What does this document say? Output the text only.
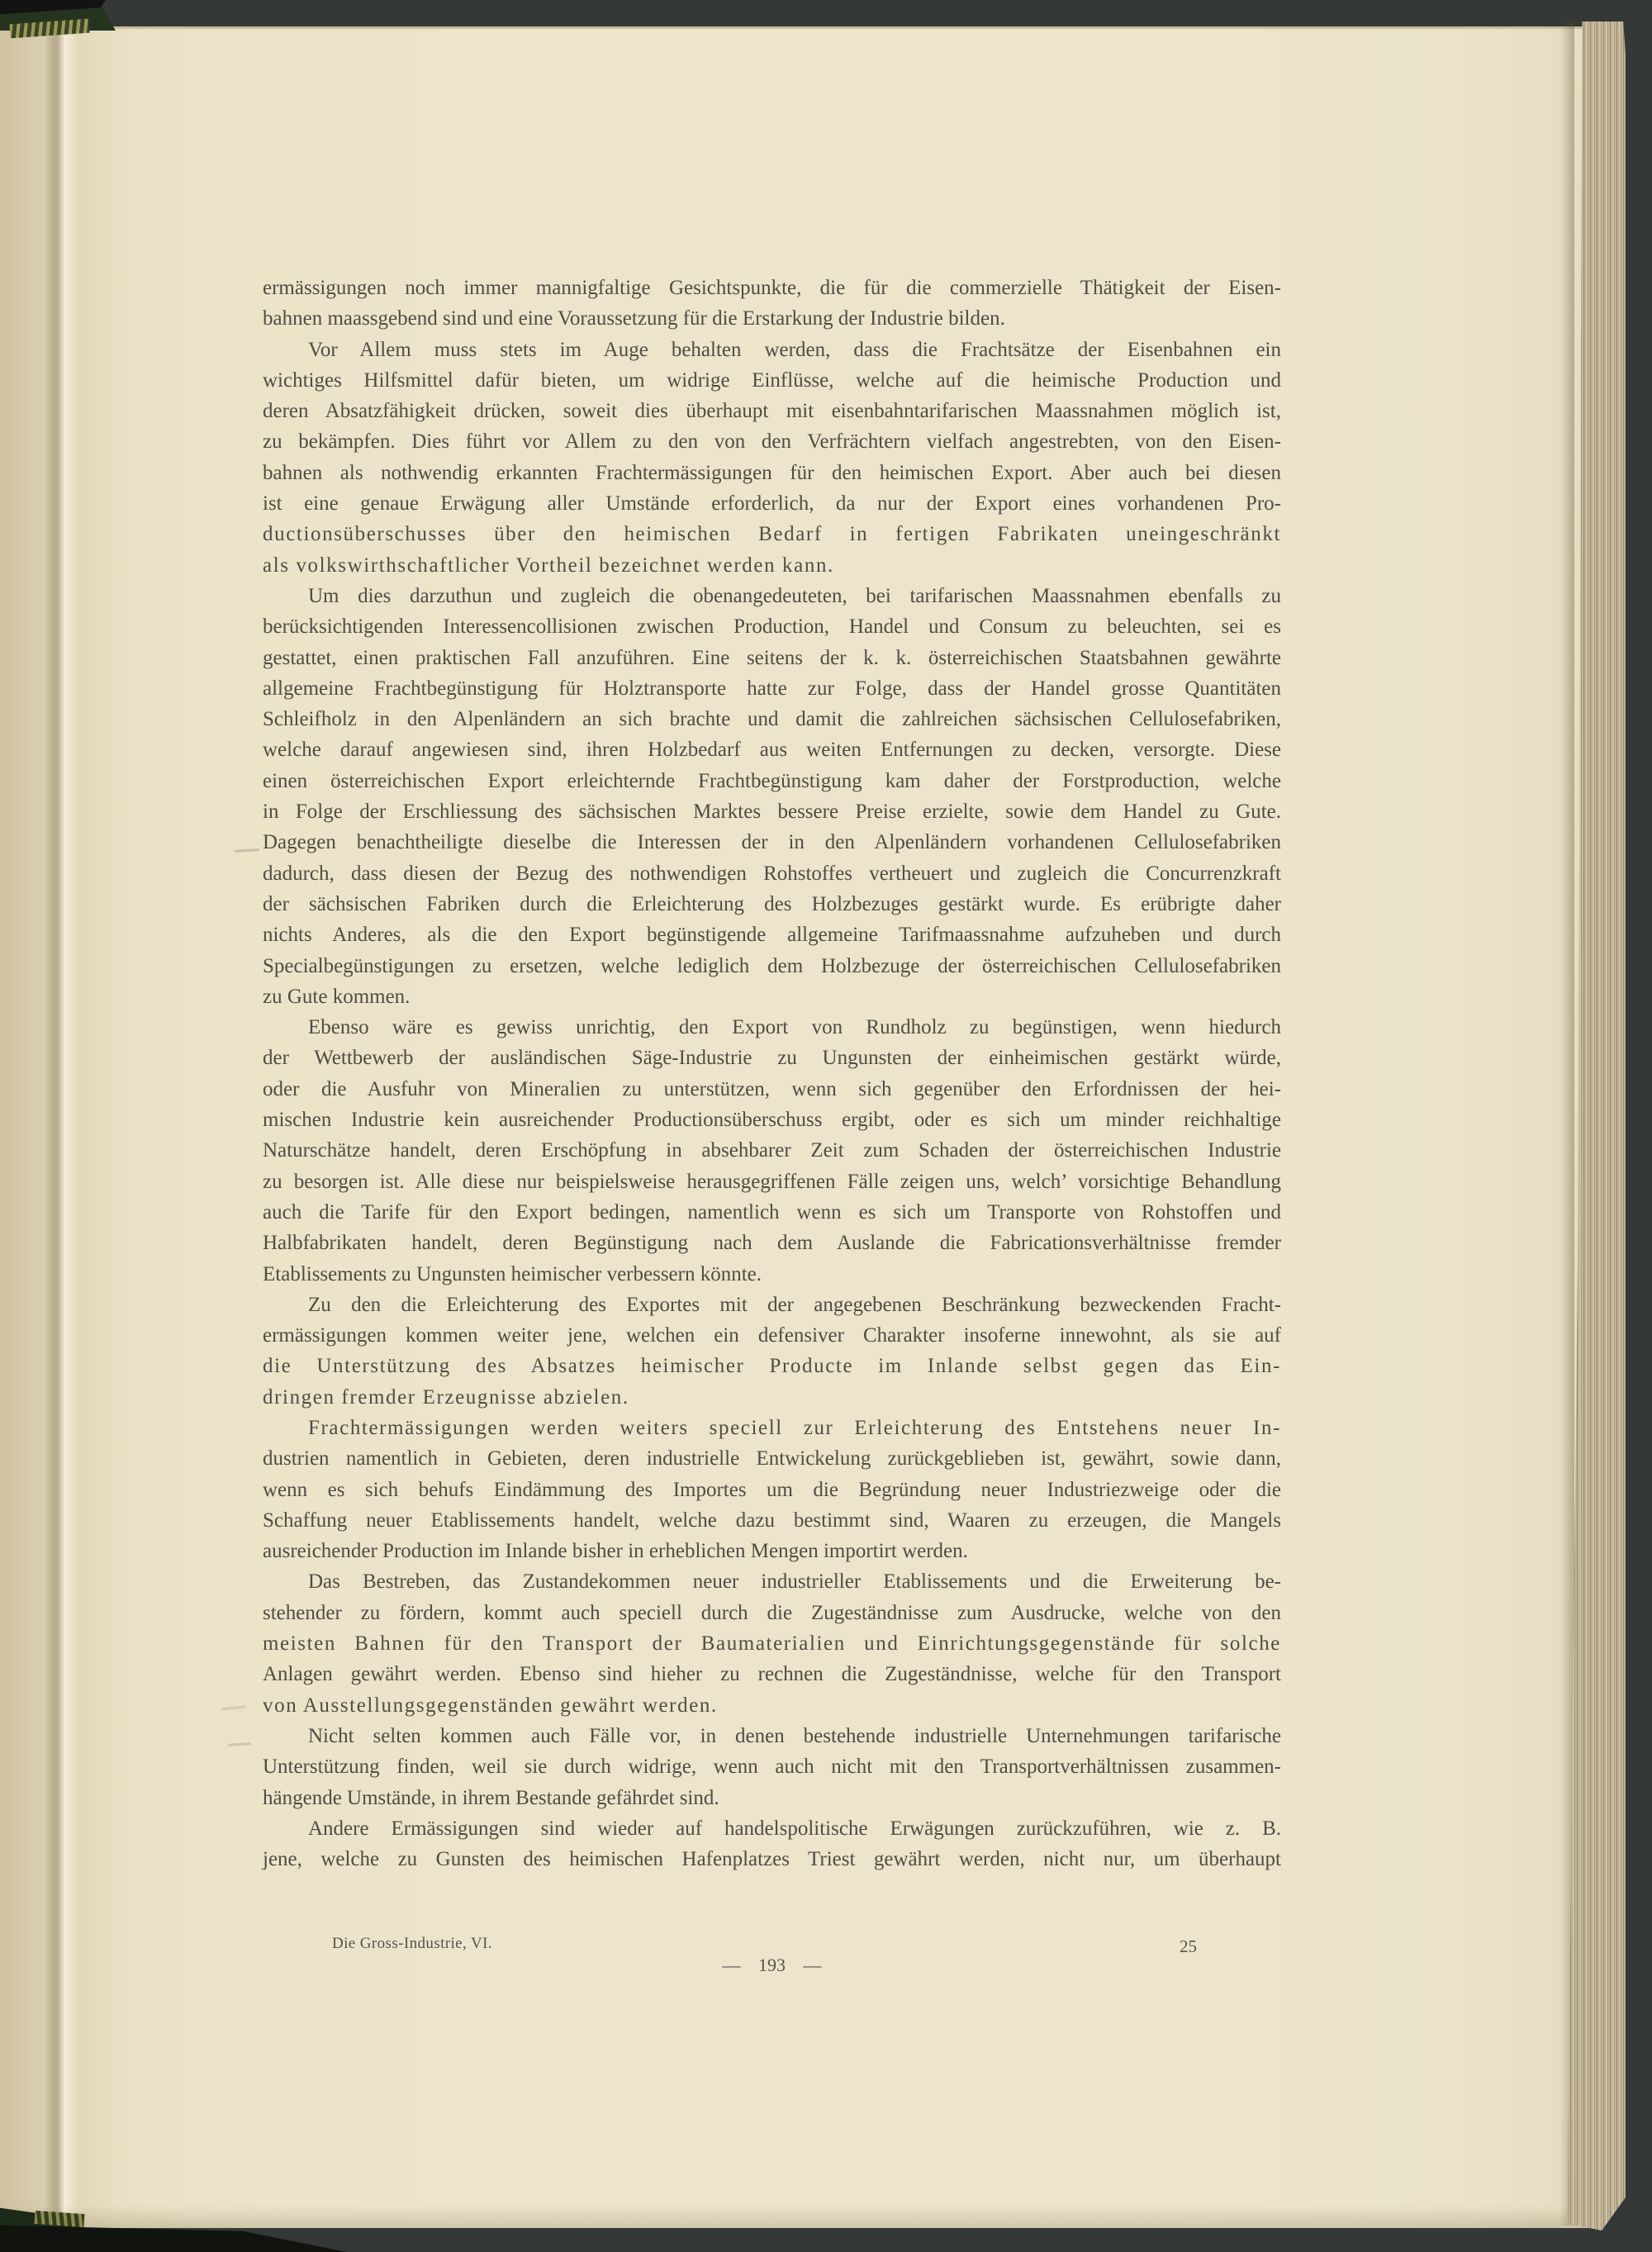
ermässigungen noch immer mannigfaltige Gesichtspunkte, die für die commerzielle Thätigkeit der Eisen-
bahnen maassgebend sind und eine Voraussetzung für die Erstarkung der Industrie bilden.
Vor Allem muss stets im Auge behalten werden, dass die Frachtsätze der Eisenbahnen ein
wichtiges Hilfsmittel dafür bieten, um widrige Einflüsse, welche auf die heimische Production und
deren Absatzfähigkeit drücken, soweit dies überhaupt mit eisenbahntarifarischen Maassnahmen möglich ist,
zu bekämpfen. Dies führt vor Allem zu den von den Verfrächtern vielfach angestrebten, von den Eisen-
bahnen als nothwendig erkannten Frachtermässigungen für den heimischen Export. Aber auch bei diesen
ist eine genaue Erwägung aller Umstände erforderlich, da nur der Export eines vorhandenen Pro-
ductionsüberschusses über den heimischen Bedarf in fertigen Fabrikaten uneingeschränkt
als volkswirthschaftlicher Vortheil bezeichnet werden kann.
Um dies darzuthun und zugleich die obenangedeuteten, bei tarifarischen Maassnahmen ebenfalls zu
berücksichtigenden Interessencollisionen zwischen Production, Handel und Consum zu beleuchten, sei es
gestattet, einen praktischen Fall anzuführen. Eine seitens der k. k. österreichischen Staatsbahnen gewährte
allgemeine Frachtbegünstigung für Holztransporte hatte zur Folge, dass der Handel grosse Quantitäten
Schleifholz in den Alpenländern an sich brachte und damit die zahlreichen sächsischen Cellulosefabriken,
welche darauf angewiesen sind, ihren Holzbedarf aus weiten Entfernungen zu decken, versorgte. Diese
einen österreichischen Export erleichternde Frachtbegünstigung kam daher der Forstproduction, welche
in Folge der Erschliessung des sächsischen Marktes bessere Preise erzielte, sowie dem Handel zu Gute.
Dagegen benachtheiligte dieselbe die Interessen der in den Alpenländern vorhandenen Cellulosefabriken
dadurch, dass diesen der Bezug des nothwendigen Rohstoffes vertheuert und zugleich die Concurrenzkraft
der sächsischen Fabriken durch die Erleichterung des Holzbezuges gestärkt wurde. Es erübrigte daher
nichts Anderes, als die den Export begünstigende allgemeine Tarifmaassnahme aufzuheben und durch
Specialbegünstigungen zu ersetzen, welche lediglich dem Holzbezuge der österreichischen Cellulosefabriken
zu Gute kommen.
Ebenso wäre es gewiss unrichtig, den Export von Rundholz zu begünstigen, wenn hiedurch
der Wettbewerb der ausländischen Säge-Industrie zu Ungunsten der einheimischen gestärkt würde,
oder die Ausfuhr von Mineralien zu unterstützen, wenn sich gegenüber den Erfordnissen der hei-
mischen Industrie kein ausreichender Productionsüberschuss ergibt, oder es sich um minder reichhaltige
Naturschätze handelt, deren Erschöpfung in absehbarer Zeit zum Schaden der österreichischen Industrie
zu besorgen ist. Alle diese nur beispielsweise herausgegriffenen Fälle zeigen uns, welch’ vorsichtige Behandlung
auch die Tarife für den Export bedingen, namentlich wenn es sich um Transporte von Rohstoffen und
Halbfabrikaten handelt, deren Begünstigung nach dem Auslande die Fabricationsverhältnisse fremder
Etablissements zu Ungunsten heimischer verbessern könnte.
Zu den die Erleichterung des Exportes mit der angegebenen Beschränkung bezweckenden Fracht-
ermässigungen kommen weiter jene, welchen ein defensiver Charakter insoferne innewohnt, als sie auf
die Unterstützung des Absatzes heimischer Producte im Inlande selbst gegen das Ein-
dringen fremder Erzeugnisse abzielen.
Frachtermässigungen werden weiters speciell zur Erleichterung des Entstehens neuer In-
dustrien namentlich in Gebieten, deren industrielle Entwickelung zurückgeblieben ist, gewährt, sowie dann,
wenn es sich behufs Eindämmung des Importes um die Begründung neuer Industriezweige oder die
Schaffung neuer Etablissements handelt, welche dazu bestimmt sind, Waaren zu erzeugen, die Mangels
ausreichender Production im Inlande bisher in erheblichen Mengen importirt werden.
Das Bestreben, das Zustandekommen neuer industrieller Etablissements und die Erweiterung be-
stehender zu fördern, kommt auch speciell durch die Zugeständnisse zum Ausdrucke, welche von den
meisten Bahnen für den Transport der Baumaterialien und Einrichtungsgegenstände für solche
Anlagen gewährt werden. Ebenso sind hieher zu rechnen die Zugeständnisse, welche für den Transport
von Ausstellungsgegenständen gewährt werden.
Nicht selten kommen auch Fälle vor, in denen bestehende industrielle Unternehmungen tarifarische
Unterstützung finden, weil sie durch widrige, wenn auch nicht mit den Transportverhältnissen zusammen-
hängende Umstände, in ihrem Bestande gefährdet sind.
Andere Ermässigungen sind wieder auf handelspolitische Erwägungen zurückzuführen, wie z. B.
jene, welche zu Gunsten des heimischen Hafenplatzes Triest gewährt werden, nicht nur, um überhaupt
Die Gross-Industrie, VI.
— 193 —
25
